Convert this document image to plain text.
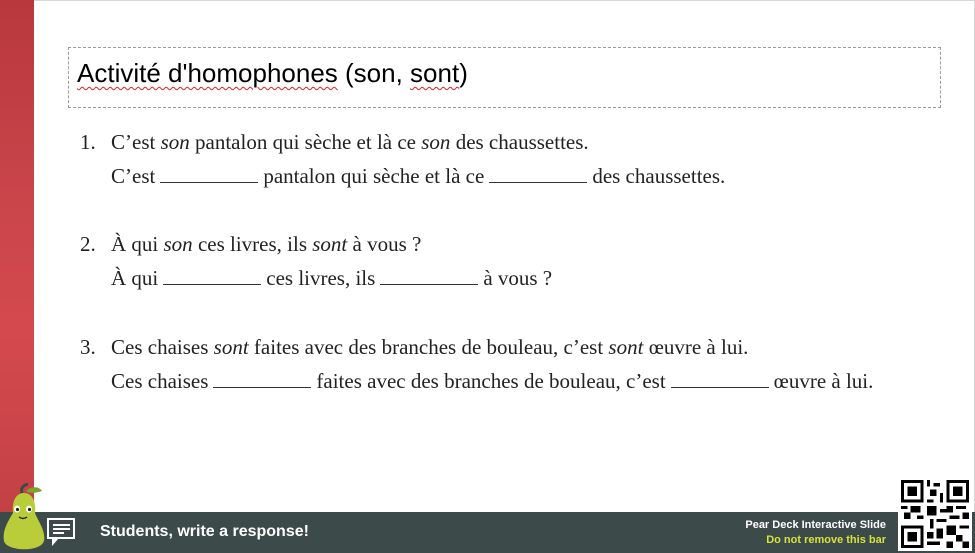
Activité d'homophones (son, sont)
1. C’est son pantalon qui sèche et là ce son des chaussettes.
C’est	pantalon qui sèche et là ce	des chaussettes.
2. À qui son ces livres, ils sont à vous ?
À qui	ces livres, ils	à vous ?
3. Ces chaises sont faites avec des branches de bouleau, c’est sont œuvre à lui.
Ces chaises	faites avec des branches de bouleau, c’est	œuvre à lui.
Students, write a response!	Pear Deck Interactive Slide
Do not remove this bar
